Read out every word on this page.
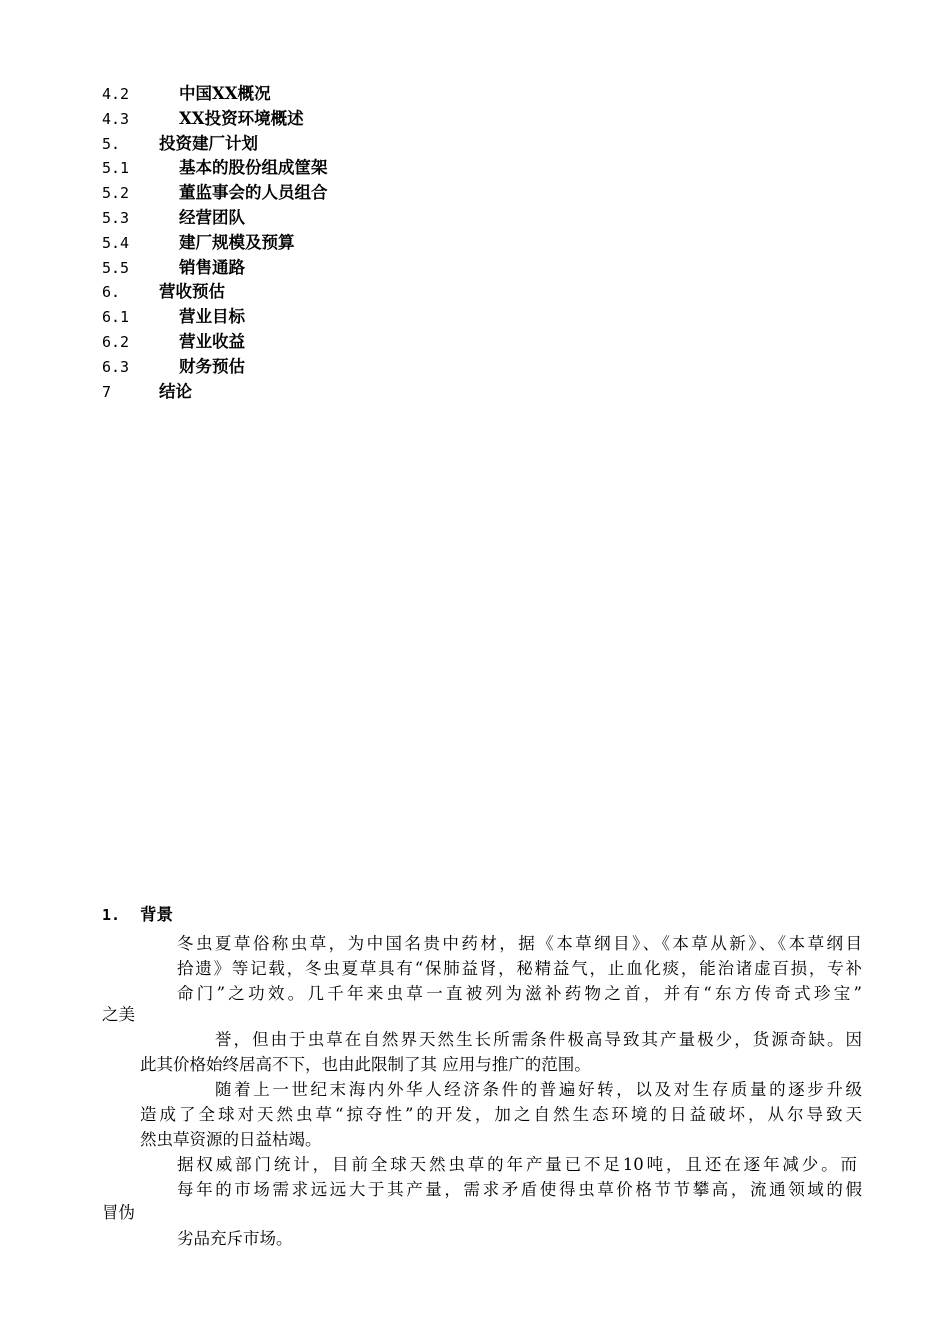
4.2	中国XX概况
4.3	XX投资环境概述
5. 投资建厂计划
5.1	基本的股份组成筐架
5.2	董监事会的人员组合
5.3	经营团队
5.4	建厂规模及预算
5.5	销售通路
6. 营收预估
6.1	营业目标
6.2	营业收益
6.3	财务预估
7	结论
1. 背景
冬虫夏草俗称虫草，为中国名贵中药材，据《本草纲目》、《本草从新》、《本草纲目
拾遗》等记载，冬虫夏草具有“保肺益肾，秘精益气，止血化痰，能治诸虚百损，专补
命门”之功效。几千年来虫草一直被列为滋补药物之首，并有“东方传奇式珍宝”
之美
誉，但由于虫草在自然界天然生长所需条件极高导致其产量极少，货源奇缺。因
此其价格始终居高不下，也由此限制了其 应用与推广的范围。
随着上一世纪末海内外华人经济条件的普遍好转，以及对生存质量的逐步升级
造成了全球对天然虫草“掠夺性”的开发，加之自然生态环境的日益破坏，从尔导致天
然虫草资源的日益枯竭。
据权威部门统计，目前全球天然虫草的年产量已不足10吨，且还在逐年减少。而
每年的市场需求远远大于其产量，需求矛盾使得虫草价格节节攀高，流通领域的假
冒伪
劣品充斥市场。
